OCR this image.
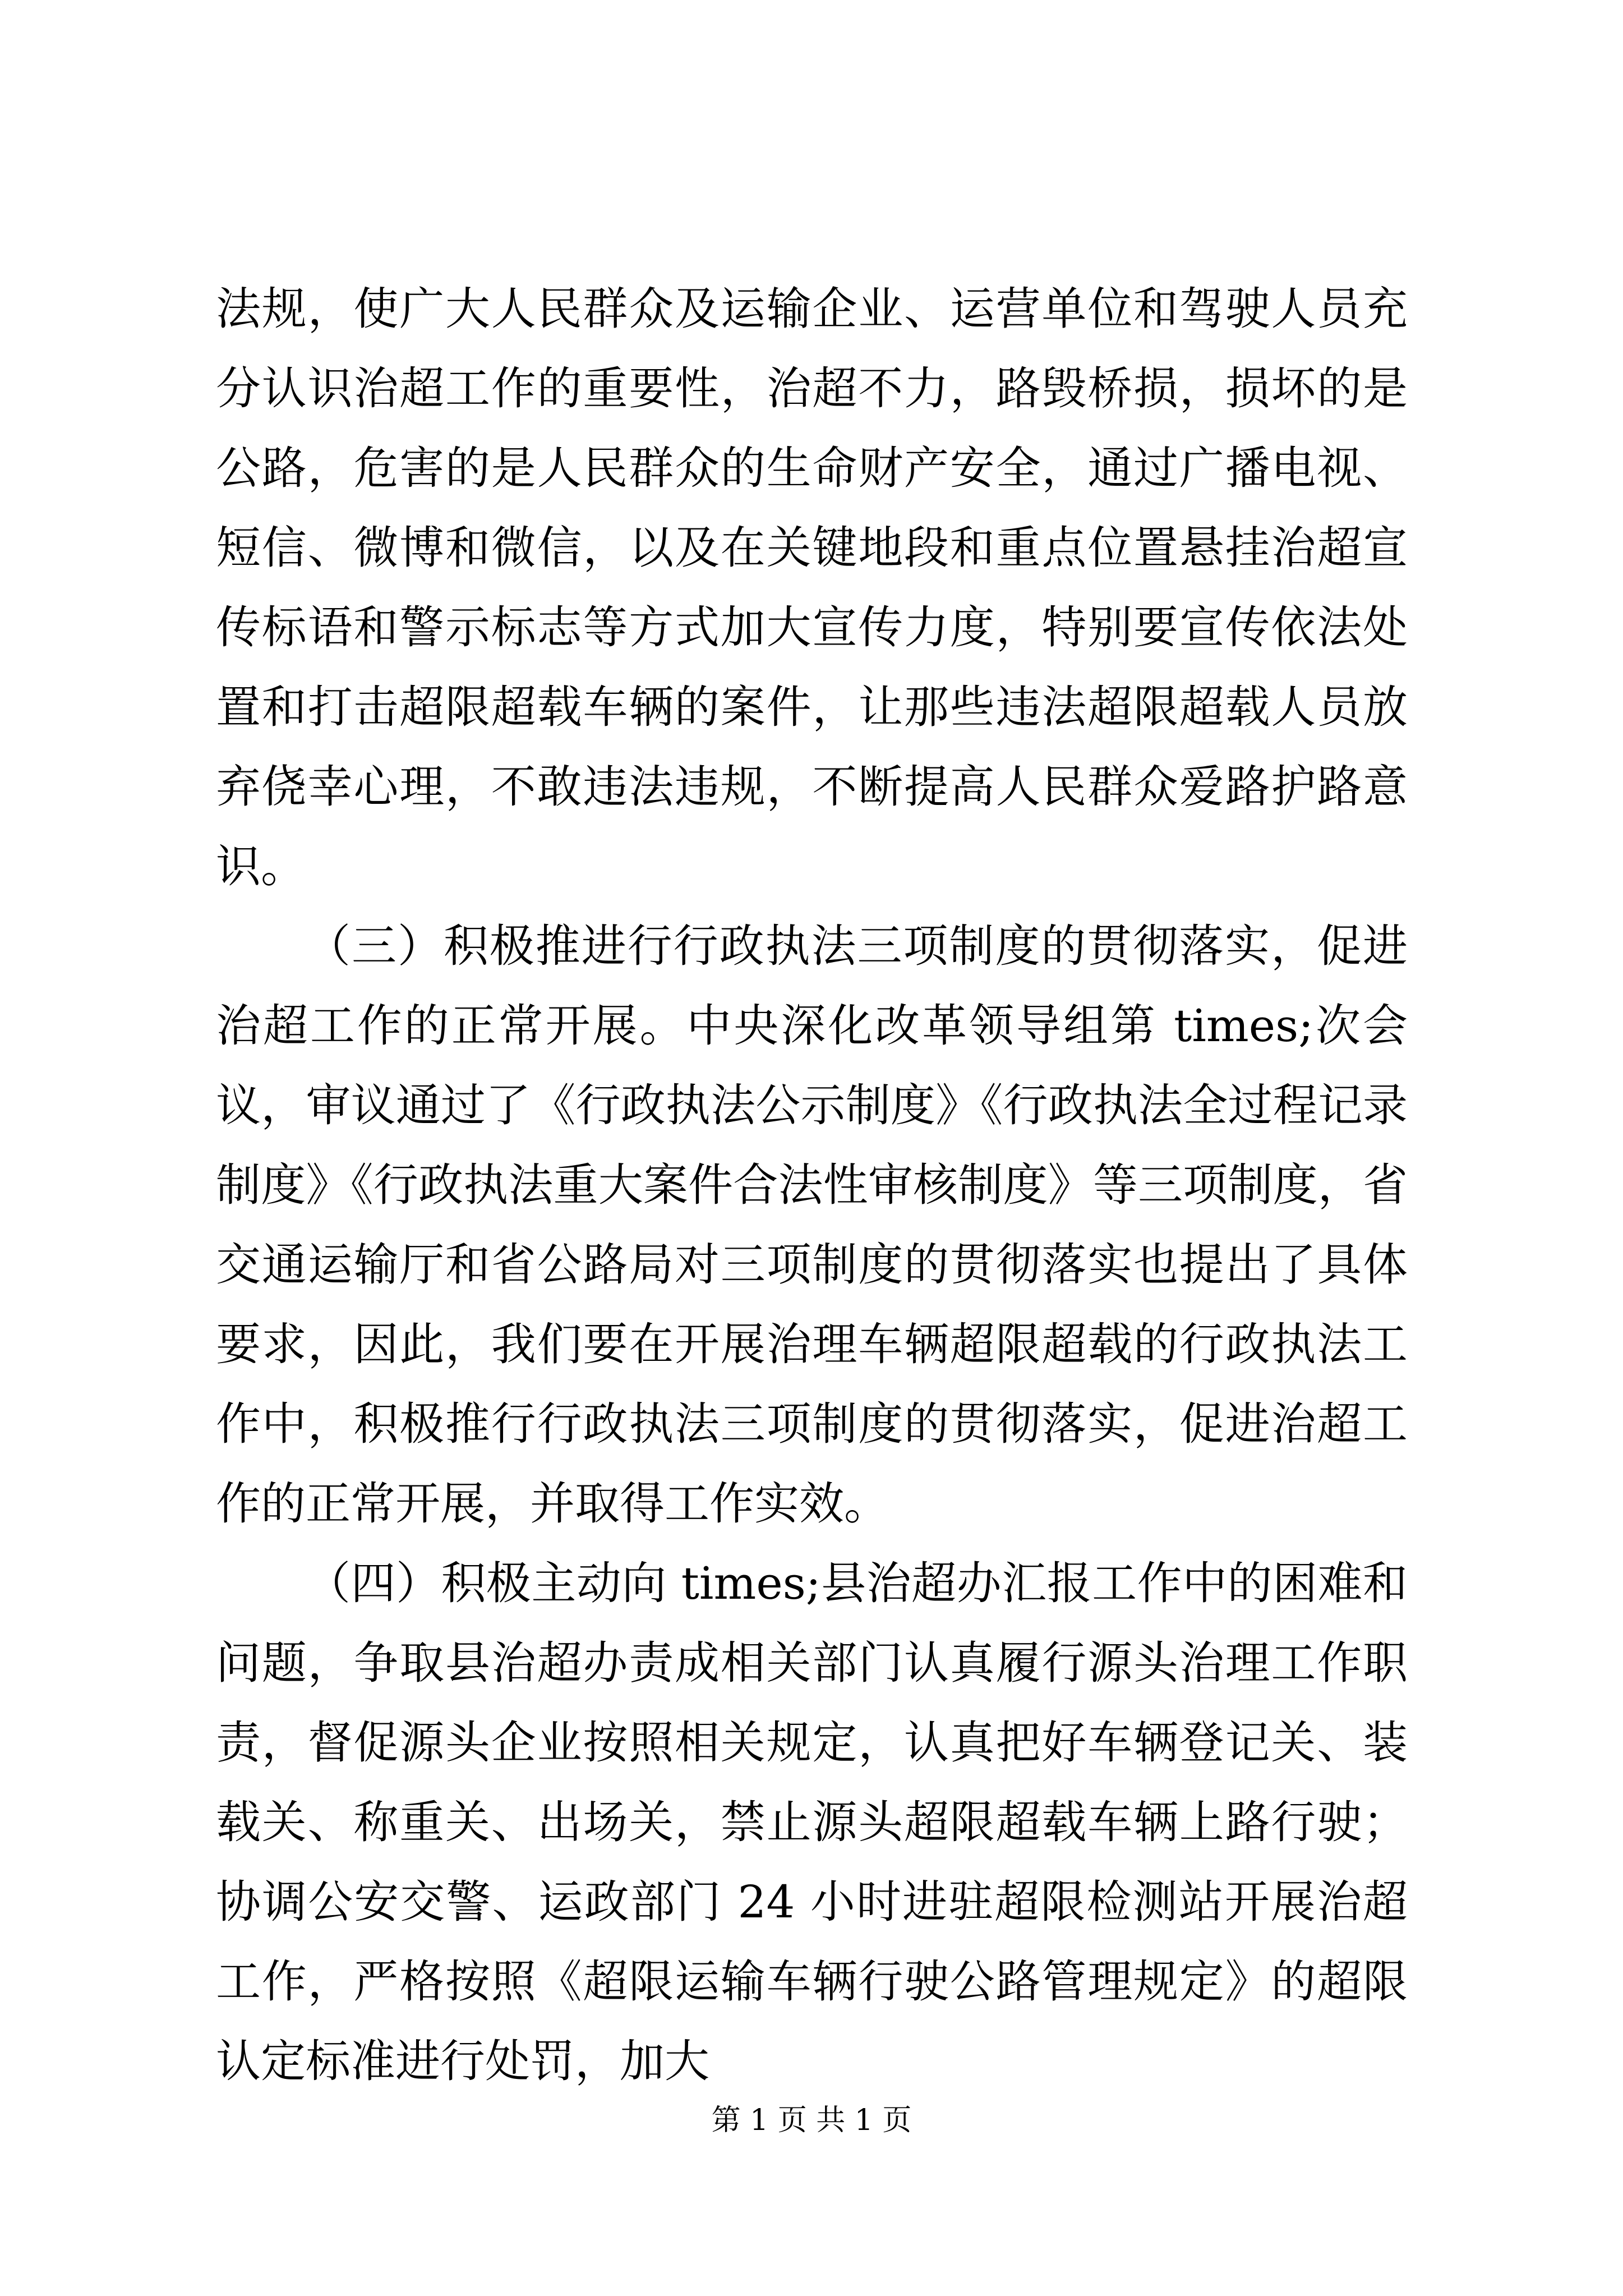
法规，使广大人民群众及运输企业、运营单位和驾驶人员充分认识治超工作的重要性，治超不力，路毁桥损，损坏的是公路，危害的是人民群众的生命财产安全，通过广播电视、短信、微博和微信，以及在关键地段和重点位置悬挂治超宣传标语和警示标志等方式加大宣传力度，特别要宣传依法处置和打击超限超载车辆的案件，让那些违法超限超载人员放弃侥幸心理，不敢违法违规，不断提高人民群众爱路护路意识。

（三）积极推进行行政执法三项制度的贯彻落实，促进治超工作的正常开展。中央深化改革领导组第 times;次会议，审议通过了《行政执法公示制度》《行政执法全过程记录制度》《行政执法重大案件合法性审核制度》等三项制度，省交通运输厅和省公路局对三项制度的贯彻落实也提出了具体要求，因此，我们要在开展治理车辆超限超载的行政执法工作中，积极推行行政执法三项制度的贯彻落实，促进治超工作的正常开展，并取得工作实效。

（四）积极主动向 times;县治超办汇报工作中的困难和问题，争取县治超办责成相关部门认真履行源头治理工作职责，督促源头企业按照相关规定，认真把好车辆登记关、装载关、称重关、出场关，禁止源头超限超载车辆上路行驶；协调公安交警、运政部门 24 小时进驻超限检测站开展治超工作，严格按照《超限运输车辆行驶公路管理规定》的超限认定标准进行处罚，加大

第 1 页 共 1 页
